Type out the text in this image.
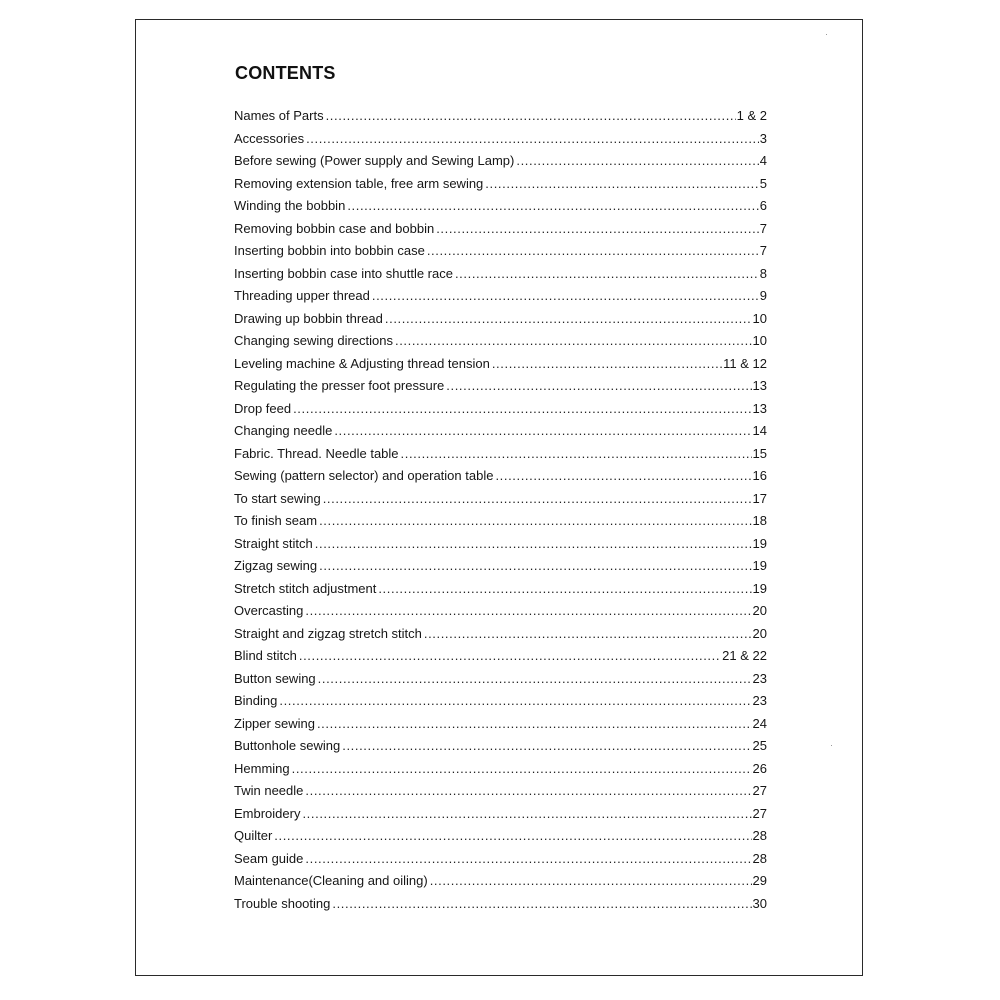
CONTENTS
Names of Parts .....	1 & 2
Accessories .....	3
Before sewing (Power supply and Sewing Lamp) .....	4
Removing extension table, free arm sewing .....	5
Winding the bobbin .....	6
Removing bobbin case and bobbin .....	7
Inserting bobbin into bobbin case .....	7
Inserting bobbin case into shuttle race .....	8
Threading upper thread .....	9
Drawing up bobbin thread .....	10
Changing sewing directions .....	10
Leveling machine & Adjusting thread tension .....	11 & 12
Regulating the presser foot pressure .....	13
Drop feed .....	13
Changing needle .....	14
Fabric. Thread. Needle table .....	15
Sewing (pattern selector) and operation table .....	16
To start sewing .....	17
To finish seam .....	18
Straight stitch .....	19
Zigzag sewing .....	19
Stretch stitch adjustment .....	19
Overcasting .....	20
Straight and zigzag stretch stitch .....	20
Blind stitch .....	21 & 22
Button sewing .....	23
Binding .....	23
Zipper sewing .....	24
Buttonhole sewing .....	25
Hemming .....	26
Twin needle .....	27
Embroidery .....	27
Quilter .....	28
Seam guide .....	28
Maintenance(Cleaning and oiling) .....	29
Trouble shooting .....	30
